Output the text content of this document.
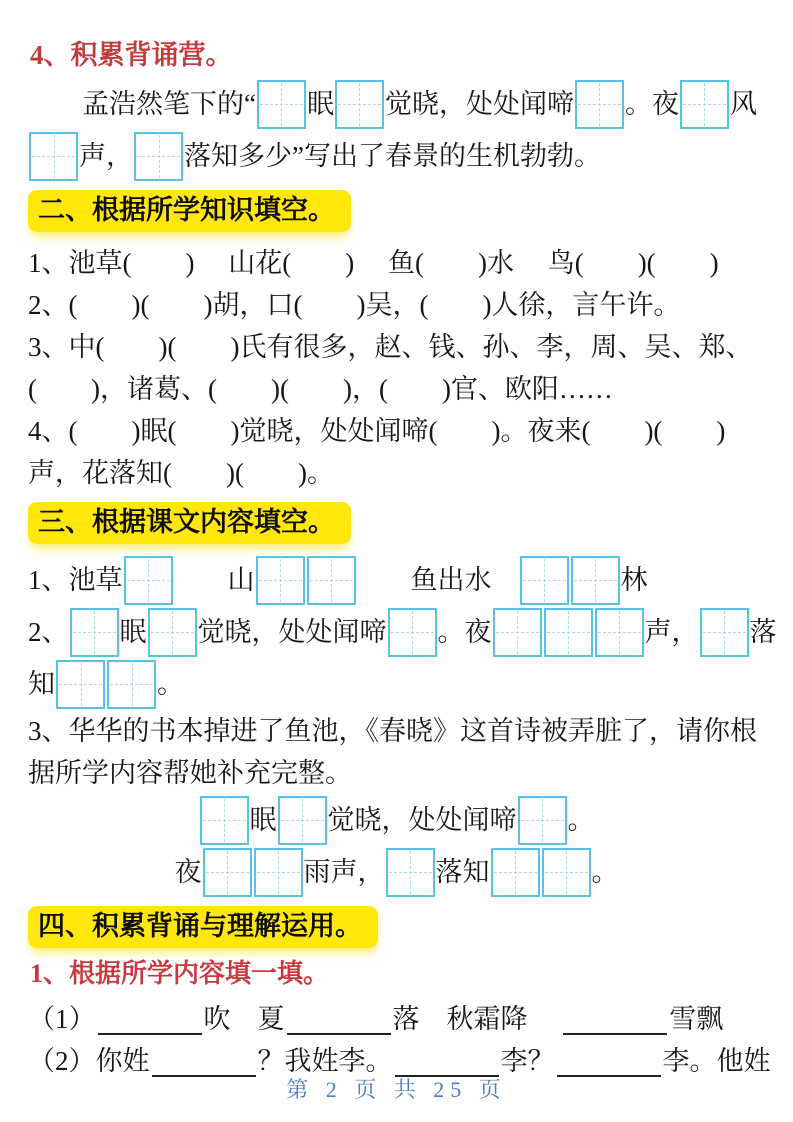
4、积累背诵营。
孟浩然笔下的“ 眠 觉晓，处处闻啼 。夜 风
声， 落知多少”写出了春景的生机勃勃。
二、根据所学知识填空。
1、池草(　　)　 山花(　　)　 鱼(　　)水　 鸟(　　)(　　)
2、(　　)(　　)胡，口(　　)吴，(　　)人徐，言午许。
3、中(　　)(　　)氏有很多，赵、钱、孙、李，周、吴、郑、
(　　)，诸葛、(　　)(　　)，(　　)官、欧阳……
4、(　　)眠(　　)觉晓，处处闻啼(　　)。夜来(　　)(　　)
声，花落知(　　)(　　)。
三、根据课文内容填空。
1、池草 　　山	　　鱼出水　	林
2、 眠 觉晓，处处闻啼 。夜	声， 落
知	。
3、华华的书本掉进了鱼池，《春晓》这首诗被弄脏了，请你根
据所学内容帮她补充完整。
眠 觉晓，处处闻啼 。
夜	雨声， 落知	。
四、积累背诵与理解运用。
1、根据所学内容填一填。
（1）	吹　夏	落　秋霜降　	雪飘
（2）你姓	？我姓李。	李？	李。他姓
第 2 页 共 25 页
